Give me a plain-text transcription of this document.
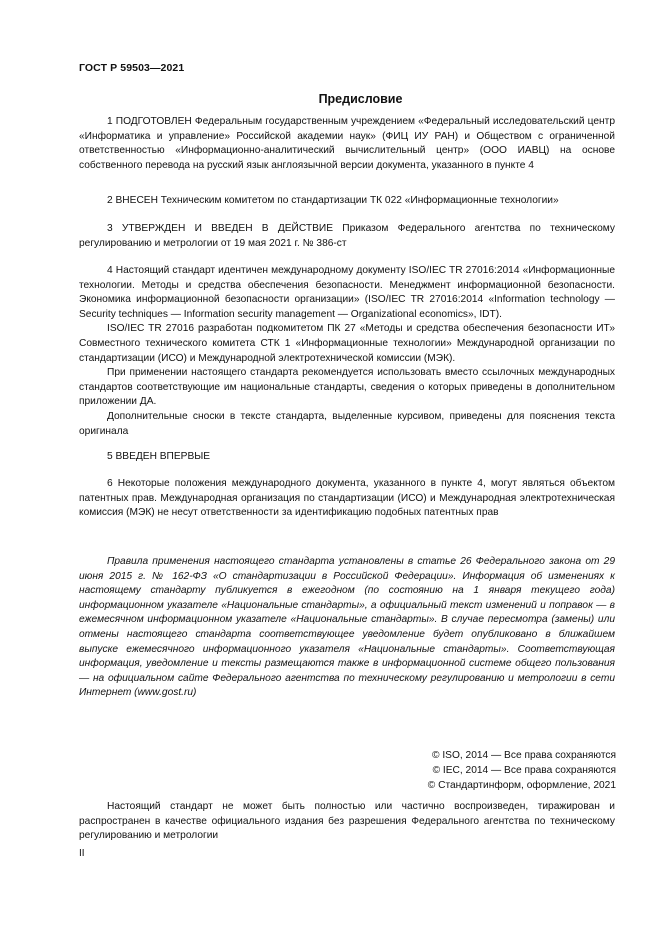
ГОСТ Р 59503—2021
Предисловие

1 ПОДГОТОВЛЕН Федеральным государственным учреждением «Федеральный исследовательский центр «Информатика и управление» Российской академии наук» (ФИЦ ИУ РАН) и Обществом с ограниченной ответственностью «Информационно-аналитический вычислительный центр» (ООО ИАВЦ) на основе собственного перевода на русский язык англоязычной версии документа, указанного в пункте 4

2 ВНЕСЕН Техническим комитетом по стандартизации ТК 022 «Информационные технологии»

3 УТВЕРЖДЕН И ВВЕДЕН В ДЕЙСТВИЕ Приказом Федерального агентства по техническому регулированию и метрологии от 19 мая 2021 г. № 386-ст

4 Настоящий стандарт идентичен международному документу ISO/IEC TR 27016:2014 «Информационные технологии. Методы и средства обеспечения безопасности. Менеджмент информационной безопасности. Экономика информационной безопасности организации» (ISO/IEC TR 27016:2014 «Information technology — Security techniques — Information security management — Organizational economics», IDT).

ISO/IEC TR 27016 разработан подкомитетом ПК 27 «Методы и средства обеспечения безопасности ИТ» Совместного технического комитета СТК 1 «Информационные технологии» Международной организации по стандартизации (ИСО) и Международной электротехнической комиссии (МЭК).

При применении настоящего стандарта рекомендуется использовать вместо ссылочных международных стандартов соответствующие им национальные стандарты, сведения о которых приведены в дополнительном приложении ДА.

Дополнительные сноски в тексте стандарта, выделенные курсивом, приведены для пояснения текста оригинала

5 ВВЕДЕН ВПЕРВЫЕ

6 Некоторые положения международного документа, указанного в пункте 4, могут являться объектом патентных прав. Международная организация по стандартизации (ИСО) и Международная электротехническая комиссия (МЭК) не несут ответственности за идентификацию подобных патентных прав

Правила применения настоящего стандарта установлены в статье 26 Федерального закона от 29 июня 2015 г. № 162-ФЗ «О стандартизации в Российской Федерации». Информация об изменениях к настоящему стандарту публикуется в ежегодном (по состоянию на 1 января текущего года) информационном указателе «Национальные стандарты», а официальный текст изменений и поправок — в ежемесячном информационном указателе «Национальные стандарты». В случае пересмотра (замены) или отмены настоящего стандарта соответствующее уведомление будет опубликовано в ближайшем выпуске ежемесячного информационного указателя «Национальные стандарты». Соответствующая информация, уведомление и тексты размещаются также в информационной системе общего пользования — на официальном сайте Федерального агентства по техническому регулированию и метрологии в сети Интернет (www.gost.ru)

© ISO, 2014 — Все права сохраняются
© IEC, 2014 — Все права сохраняются
© Стандартинформ, оформление, 2021

Настоящий стандарт не может быть полностью или частично воспроизведен, тиражирован и распространен в качестве официального издания без разрешения Федерального агентства по техническому регулированию и метрологии

II
